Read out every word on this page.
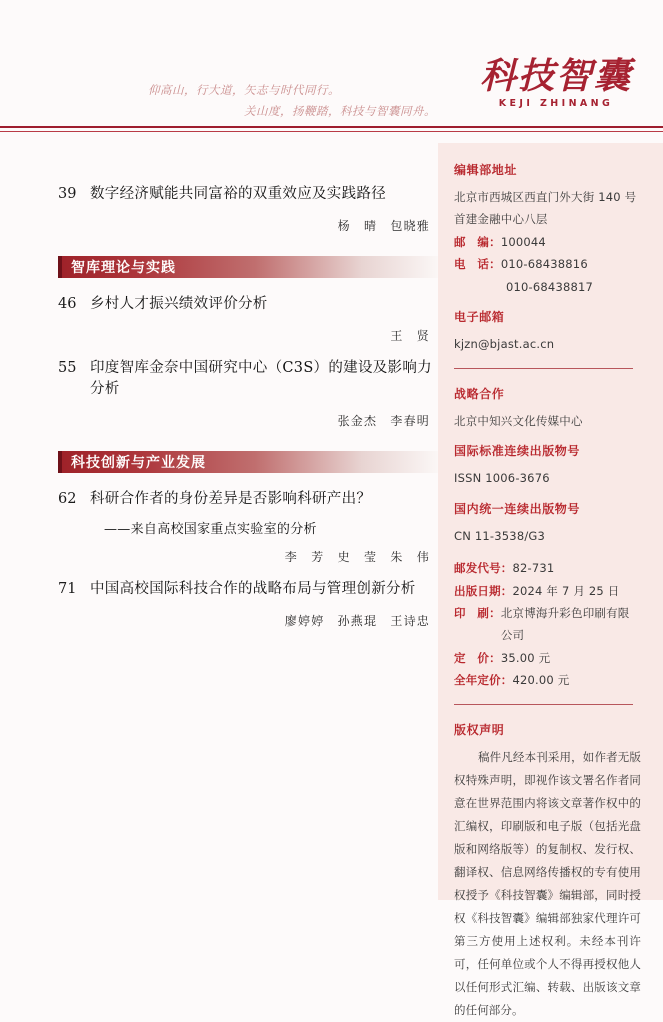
仰高山，行大道，矢志与时代同行。
关山度，扬鞭踏，科技与智囊同舟。
科技智囊
KEJI ZHINANG
39 数字经济赋能共同富裕的双重效应及实践路径
杨　晴　包晓雅
智库理论与实践
46 乡村人才振兴绩效评价分析
王　贤
55 印度智库金奈中国研究中心（C3S）的建设及影响力分析
张金杰　李春明
科技创新与产业发展
62 科研合作者的身份差异是否影响科研产出？
——来自高校国家重点实验室的分析
李　芳　史　莹　朱　伟
71 中国高校国际科技合作的战略布局与管理创新分析
廖婷婷　孙燕琨　王诗忠
编辑部地址
北京市西城区西直门外大街 140 号
首建金融中心八层
邮　编： 100044
电　话： 010-68438816
010-68438817
电子邮箱
kjzn@bjast.ac.cn
战略合作
北京中知兴文化传媒中心
国际标准连续出版物号
ISSN 1006-3676
国内统一连续出版物号
CN 11-3538/G3
邮发代号： 82-731
出版日期： 2024 年 7 月 25 日
印　刷： 北京博海升彩色印刷有限公司
定　价： 35.00 元
全年定价： 420.00 元
版权声明
稿件凡经本刊采用，如作者无版权特殊声明，即视作该文署名作者同意在世界范围内将该文章著作权中的汇编权，印刷版和电子版（包括光盘版和网络版等）的复制权、发行权、翻译权、信息网络传播权的专有使用权授予《科技智囊》编辑部，同时授权《科技智囊》编辑部独家代理许可第三方使用上述权利。未经本刊许可，任何单位或个人不得再授权他人以任何形式汇编、转载、出版该文章的任何部分。
